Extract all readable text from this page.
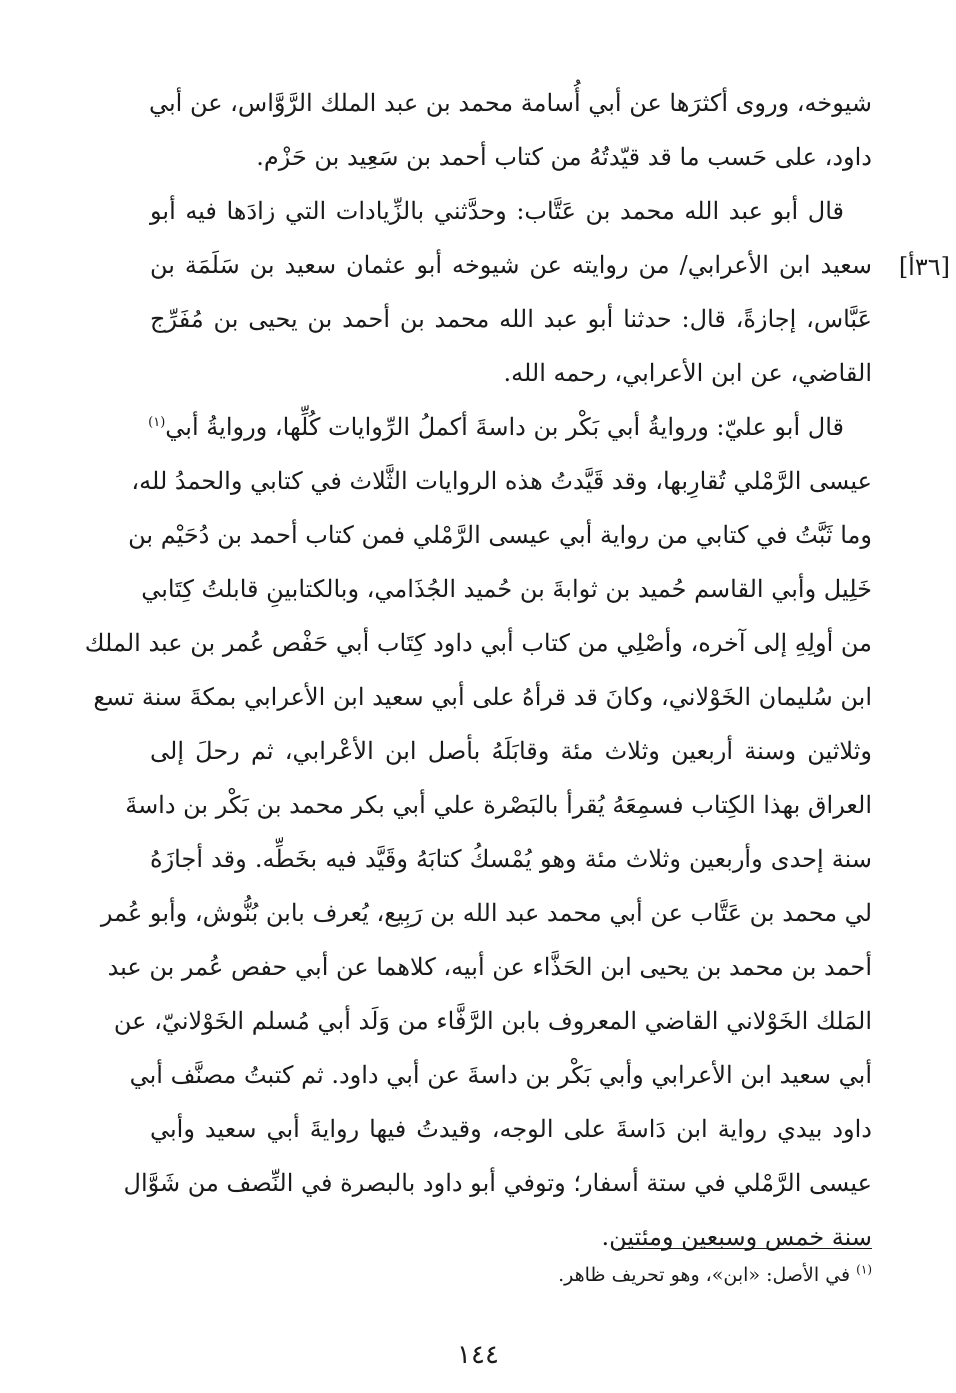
شيوخه، وروى أكثرَها عن أبي أُسامة محمد بن عبد الملك الرَّوَّاس، عن أبي
داود، على حَسب ما قد قيّدتُهُ من كتاب أحمد بن سَعِيد بن حَزْم.
قال أبو عبد الله محمد بن عَتَّاب: وحدَّثني بالزِّيادات التي زادَها فيه أبو
سعيد ابن الأعرابي/ من روايته عن شيوخه أبو عثمان سعيد بن سَلَمَة بن
عَبَّاس، إجازةً، قال: حدثنا أبو عبد الله محمد بن أحمد بن يحيى بن مُفَرِّج
القاضي، عن ابن الأعرابي، رحمه الله.
قال أبو عليّ: وروايةُ أبي بَكْر بن داسةَ أكملُ الرِّوايات كُلِّها، وروايةُ أبي$^{(١)}$
عيسى الرَّمْلي تُقارِبها، وقد قَيَّدتُ هذه الروايات الثَّلاث في كتابي والحمدُ لله،
وما ثَبَّتُ في كتابي من رواية أبي عيسى الرَّمْلي فمن كتاب أحمد بن دُحَيْم بن
خَلِيل وأبي القاسم حُميد بن ثوابةَ بن حُميد الجُذَامي، وبالكتابينِ قابلتُ كِتَابي
من أولِهِ إلى آخره، وأصْلِي من كتاب أبي داود كِتَاب أبي حَفْص عُمر بن عبد الملك
ابن سُليمان الخَوْلاني، وكانَ قد قرأهُ على أبي سعيد ابن الأعرابي بمكةَ سنة تسع
وثلاثين وسنة أربعين وثلاث مئة وقابَلَهُ بأصل ابن الأعْرابي، ثم رحلَ إلى
العراق بهذا الكِتاب فسمِعَهُ يُقرأ بالبَصْرة علي أبي بكر محمد بن بَكْر بن داسةَ
سنة إحدى وأربعين وثلاث مئة وهو يُمْسكُ كتابَهُ وقَيَّد فيه بخَطِّه. وقد أجازَهُ
لي محمد بن عَتَّاب عن أبي محمد عبد الله بن رَبِيع، يُعرف بابن بُنُّوش، وأبو عُمر
أحمد بن محمد بن يحيى ابن الحَذَّاء عن أبيه، كلاهما عن أبي حفص عُمر بن عبد
المَلك الخَوْلاني القاضي المعروف بابن الرَّفَّاء من وَلَد أبي مُسلم الخَوْلانيّ، عن
أبي سعيد ابن الأعرابي وأبي بَكْر بن داسةَ عن أبي داود. ثم كتبتُ مصنَّف أبي
داود بيدي رواية ابن دَاسةَ على الوجه، وقيدتُ فيها روايةَ أبي سعيد وأبي
عيسى الرَّمْلي في ستة أسفار؛ وتوفي أبو داود بالبصرة في النِّصف من شَوَّال
سنة خمس وسبعين ومئتين.
[٣٦أ]
$^{(١)}$ في الأصل: «ابن»، وهو تحريف ظاهر.
١٤٤
